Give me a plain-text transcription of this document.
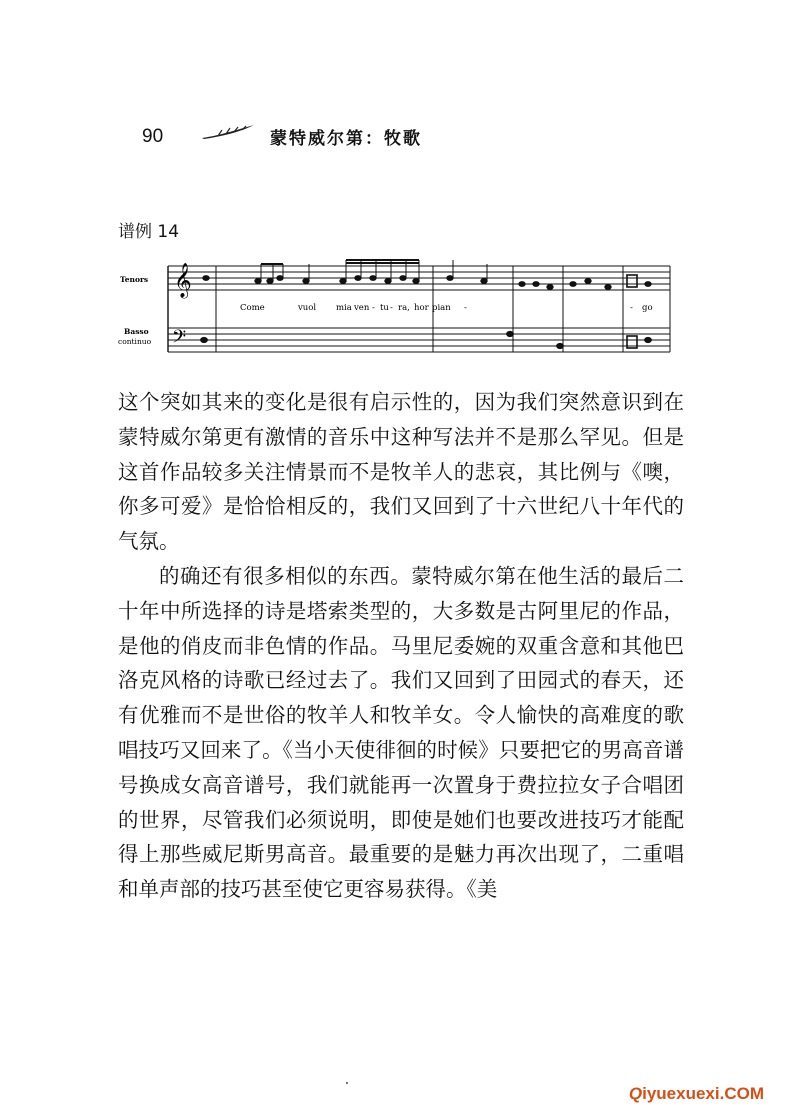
90	蒙特威尔第：牧歌
谱例 14
𝄞
𝄢
Tenors
Basso
continuo
Come	vuol mia ven - tu - ra, hor pian -	- go

这个突如其来的变化是很有启示性的，因为我们突然意识到在蒙特威尔第更有激情的音乐中这种写法并不是那么罕见。但是这首作品较多关注情景而不是牧羊人的悲哀，其比例与《噢，你多可爱》是恰恰相反的，我们又回到了十六世纪八十年代的气氛。

的确还有很多相似的东西。蒙特威尔第在他生活的最后二十年中所选择的诗是塔索类型的，大多数是古阿里尼的作品，是他的俏皮而非色情的作品。马里尼委婉的双重含意和其他巴洛克风格的诗歌已经过去了。我们又回到了田园式的春天，还有优雅而不是世俗的牧羊人和牧羊女。令人愉快的高难度的歌唱技巧又回来了。《当小天使徘徊的时候》只要把它的男高音谱号换成女高音谱号，我们就能再一次置身于费拉拉女子合唱团的世界，尽管我们必须说明，即使是她们也要改进技巧才能配得上那些威尼斯男高音。最重要的是魅力再次出现了，二重唱和单声部的技巧甚至使它更容易获得。《美

Qiyuexuexi.COM
